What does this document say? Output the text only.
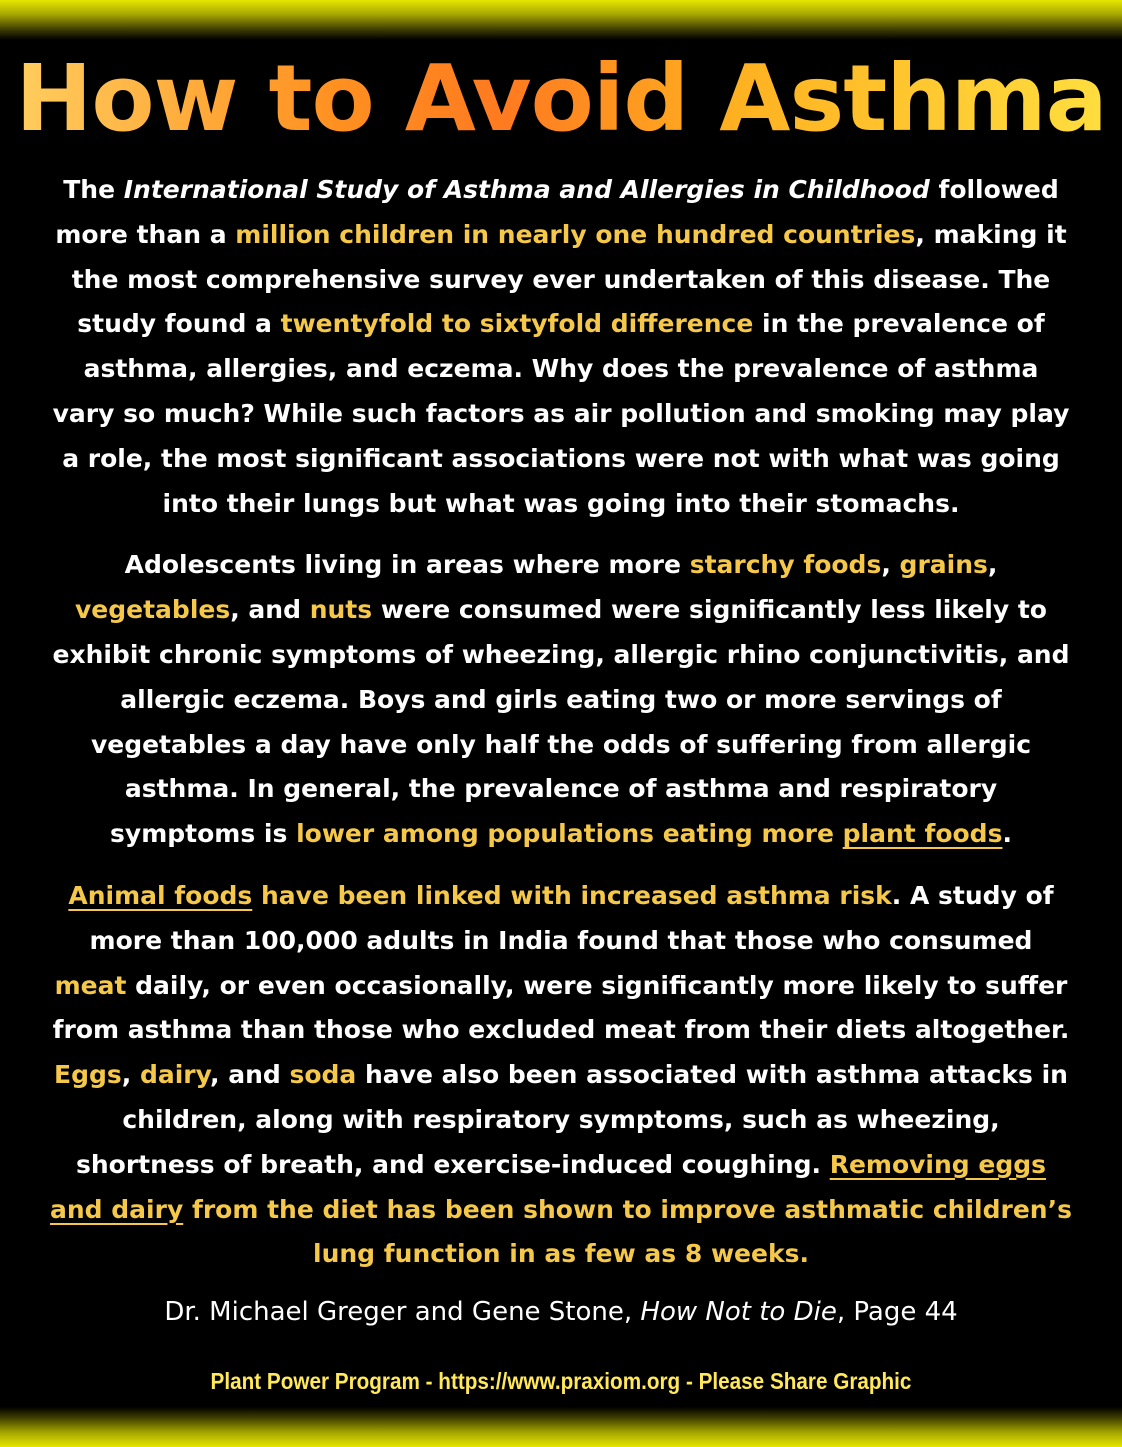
How to Avoid Asthma

The International Study of Asthma and Allergies in Childhood followed more than a million children in nearly one hundred countries, making it the most comprehensive survey ever undertaken of this disease. The study found a twentyfold to sixtyfold difference in the prevalence of asthma, allergies, and eczema. Why does the prevalence of asthma vary so much? While such factors as air pollution and smoking may play a role, the most significant associations were not with what was going into their lungs but what was going into their stomachs.

Adolescents living in areas where more starchy foods, grains, vegetables, and nuts were consumed were significantly less likely to exhibit chronic symptoms of wheezing, allergic rhino conjunctivitis, and allergic eczema. Boys and girls eating two or more servings of vegetables a day have only half the odds of suffering from allergic asthma. In general, the prevalence of asthma and respiratory symptoms is lower among populations eating more plant foods.

Animal foods have been linked with increased asthma risk. A study of more than 100,000 adults in India found that those who consumed meat daily, or even occasionally, were significantly more likely to suffer from asthma than those who excluded meat from their diets altogether. Eggs, dairy, and soda have also been associated with asthma attacks in children, along with respiratory symptoms, such as wheezing, shortness of breath, and exercise-induced coughing. Removing eggs and dairy from the diet has been shown to improve asthmatic children’s lung function in as few as 8 weeks.

Dr. Michael Greger and Gene Stone, How Not to Die, Page 44
Plant Power Program - https://www.praxiom.org - Please Share Graphic
